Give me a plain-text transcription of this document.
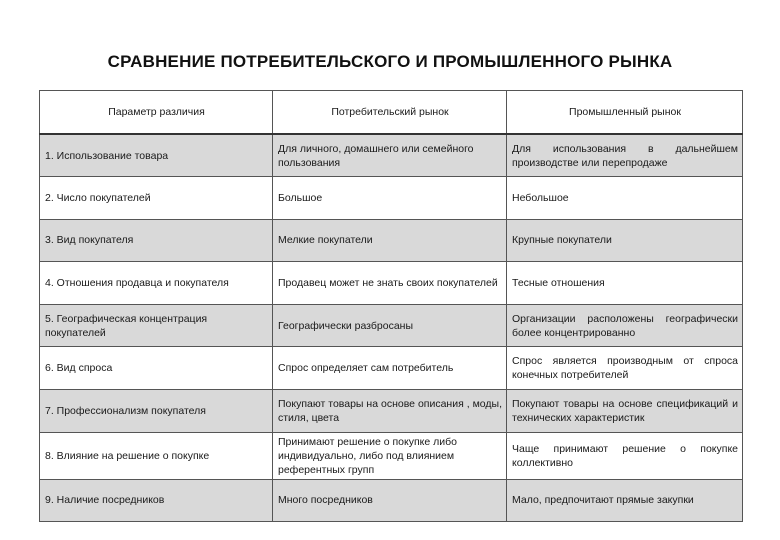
СРАВНЕНИЕ ПОТРЕБИТЕЛЬСКОГО И ПРОМЫШЛЕННОГО РЫНКА
Параметр различия	Потребительский рынок	Промышленный рынок
1. Использование товара	Для личного, домашнего или семейного пользования	Для использования в дальнейшем производстве или перепродаже
2. Число покупателей	Большое	Небольшое
3. Вид покупателя	Мелкие покупатели	Крупные покупатели
4. Отношения продавца и покупателя	Продавец может не знать своих покупателей	Тесные отношения
5. Географическая концентрация покупателей	Географически разбросаны	Организации расположены географически более концентрированно
6. Вид спроса	Спрос определяет сам потребитель	Спрос является производным от спроса конечных потребителей
7. Профессионализм покупателя	Покупают товары на основе описания , моды, стиля, цвета	Покупают товары на основе спецификаций и технических характеристик
8. Влияние на решение о покупке	Принимают решение о покупке либо индивидуально, либо под влиянием референтных групп	Чаще принимают решение о покупке коллективно
9. Наличие посредников	Много посредников	Мало, предпочитают прямые закупки
